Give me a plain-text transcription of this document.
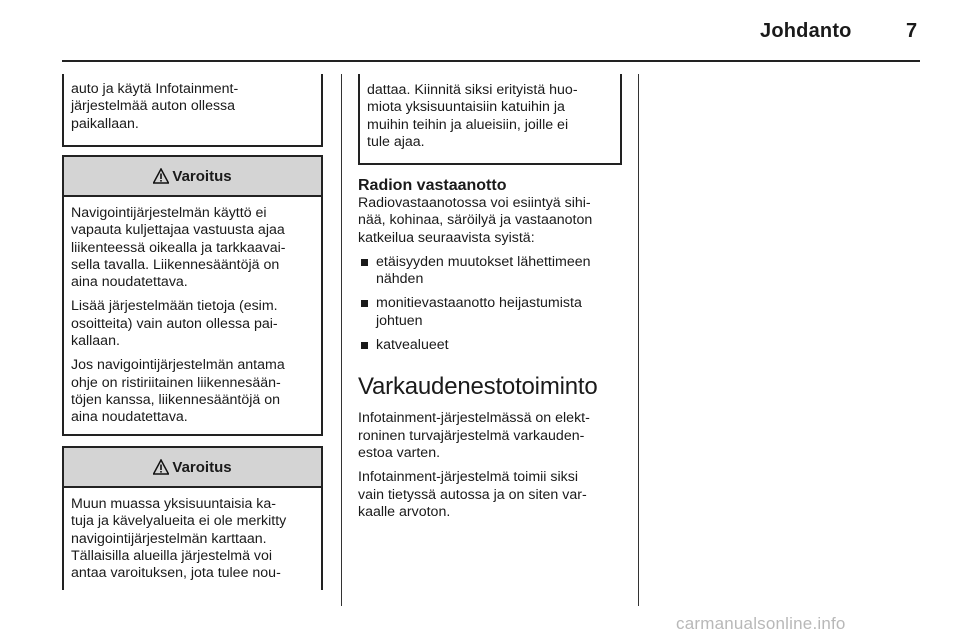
Johdanto	7
auto ja käytä Infotainment-
järjestelmää auton ollessa
paikallaan.
Varoitus

Navigointijärjestelmän käyttö ei
vapauta kuljettajaa vastuusta ajaa
liikenteessä oikealla ja tarkkaavai-
sella tavalla. Liikennesääntöjä on
aina noudatettava.

Lisää järjestelmään tietoja (esim.
osoitteita) vain auton ollessa pai-
kallaan.

Jos navigointijärjestelmän antama
ohje on ristiriitainen liikennesään-
töjen kanssa, liikennesääntöjä on
aina noudatettava.

Varoitus
Muun muassa yksisuuntaisia ka-
tuja ja kävelyalueita ei ole merkitty
navigointijärjestelmän karttaan.
Tällaisilla alueilla järjestelmä voi
antaa varoituksen, jota tulee nou-
dattaa. Kiinnitä siksi erityistä huo-
miota yksisuuntaisiin katuihin ja
muihin teihin ja alueisiin, joille ei
tule ajaa.
Radion vastaanotto

Radiovastaanotossa voi esiintyä sihi-
nää, kohinaa, säröilyä ja vastaanoton
katkeilua seuraavista syistä:

etäisyyden muutokset lähettimeen
nähden
monitievastaanotto heijastumista
johtuen
katvealueet
Varkaudenestotoiminto

Infotainment-järjestelmässä on elekt-
roninen turvajärjestelmä varkauden-
estoa varten.

Infotainment-järjestelmä toimii siksi
vain tietyssä autossa ja on siten var-
kaalle arvoton.

carmanualsonline.info
